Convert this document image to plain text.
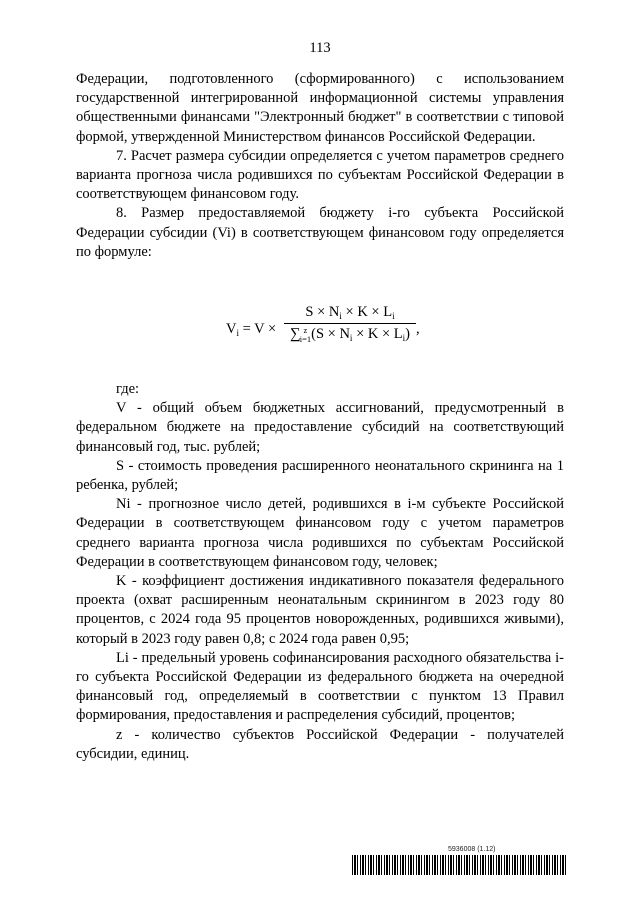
113

Федерации, подготовленного (сформированного) с использованием государственной интегрированной информационной системы управления общественными финансами "Электронный бюджет" в соответствии с типовой формой, утвержденной Министерством финансов Российской Федерации.

7. Расчет размера субсидии определяется с учетом параметров среднего варианта прогноза числа родившихся по субъектам Российской Федерации в соответствующем финансовом году.

8. Размер предоставляемой бюджету i-го субъекта Российской Федерации субсидии (Vi) в соответствующем финансовом году определяется по формуле:

$V_i = V$ ×
$S \times N_i \times K \times L_i$
∑ z
$i=1(S \times N_i \times K \times L_i)$ ,

где:

V - общий объем бюджетных ассигнований, предусмотренный в федеральном бюджете на предоставление субсидий на соответствующий финансовый год, тыс. рублей;

S - стоимость проведения расширенного неонатального скрининга на 1 ребенка, рублей;

Ni - прогнозное число детей, родившихся в i-м субъекте Российской Федерации в соответствующем финансовом году с учетом параметров среднего варианта прогноза числа родившихся по субъектам Российской Федерации в соответствующем финансовом году, человек;

K - коэффициент достижения индикативного показателя федерального проекта (охват расширенным неонатальным скринингом в 2023 году 80 процентов, с 2024 года 95 процентов новорожденных, родившихся живыми), который в 2023 году равен 0,8; с 2024 года равен 0,95;

Li - предельный уровень софинансирования расходного обязательства i-го субъекта Российской Федерации из федерального бюджета на очередной финансовый год, определяемый в соответствии с пунктом 13 Правил формирования, предоставления и распределения субсидий, процентов;

z - количество субъектов Российской Федерации - получателей субсидии, единиц.

5936008 (1.12)
